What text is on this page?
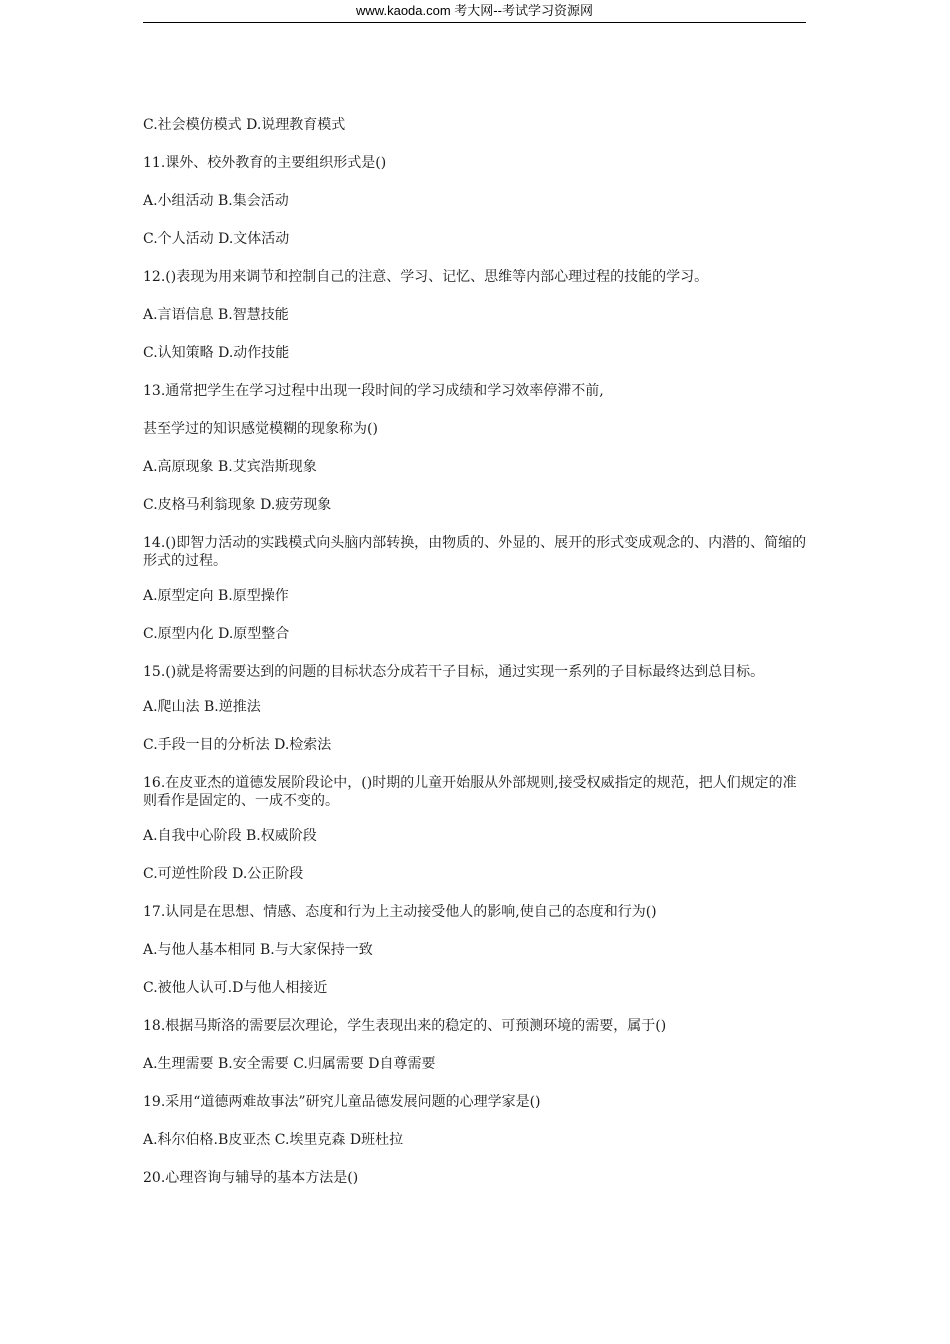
www.kaoda.com 考大网--考试学习资源网

C.社会模仿模式 D.说理教育模式

11.课外、校外教育的主要组织形式是()

A.小组活动 B.集会活动

C.个人活动 D.文体活动

12.()表现为用来调节和控制自己的注意、学习、记忆、思维等内部心理过程的技能的学习。

A.言语信息 B.智慧技能

C.认知策略 D.动作技能

13.通常把学生在学习过程中出现一段时间的学习成绩和学习效率停滞不前,

甚至学过的知识感觉模糊的现象称为()

A.高原现象 B.艾宾浩斯现象

C.皮格马利翁现象 D.疲劳现象

14.()即智力活动的实践模式向头脑内部转换，由物质的、外显的、展开的形式变成观念的、内潜的、简缩的形式的过程。

A.原型定向 B.原型操作

C.原型内化 D.原型整合

15.()就是将需要达到的问题的目标状态分成若干子目标，通过实现一系列的子目标最终达到总目标。

A.爬山法 B.逆推法

C.手段一目的分析法 D.检索法

16.在皮亚杰的道德发展阶段论中，()时期的儿童开始服从外部规则,接受权威指定的规范，把人们规定的准则看作是固定的、一成不变的。

A.自我中心阶段 B.权威阶段

C.可逆性阶段 D.公正阶段

17.认同是在思想、情感、态度和行为上主动接受他人的影响,使自己的态度和行为()

A.与他人基本相同 B.与大家保持一致

C.被他人认可.D与他人相接近

18.根据马斯洛的需要层次理论，学生表现出来的稳定的、可预测环境的需要，属于()

A.生理需要 B.安全需要 C.归属需要 D自尊需要

19.采用“道德两难故事法”研究儿童品德发展问题的心理学家是()

A.科尔伯格.B皮亚杰 C.埃里克森 D班杜拉

20.心理咨询与辅导的基本方法是()
